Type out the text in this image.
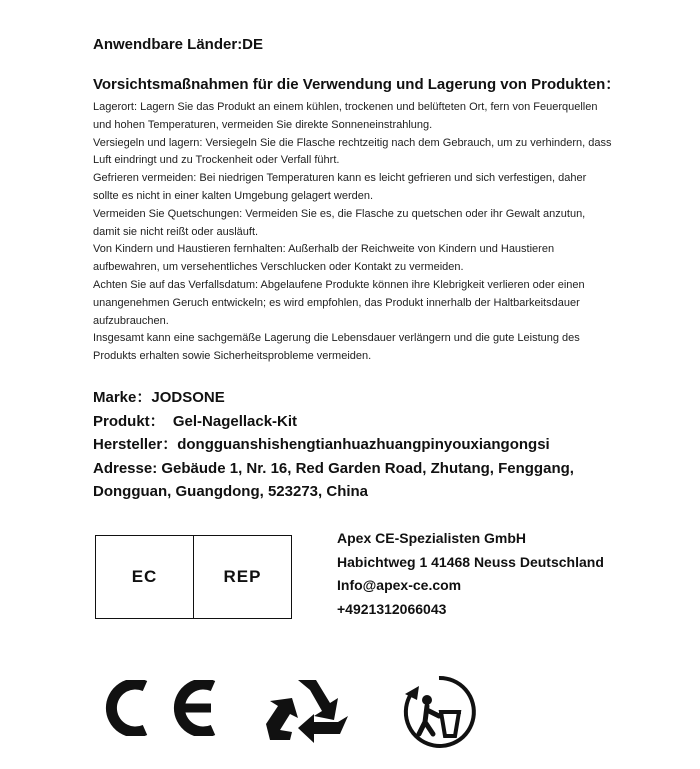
Anwendbare Länder:DE
Vorsichtsmaßnahmen für die Verwendung und Lagerung von Produkten：

Lagerort: Lagern Sie das Produkt an einem kühlen, trockenen und belüfteten Ort, fern von Feuerquellen und hohen Temperaturen, vermeiden Sie direkte Sonneneinstrahlung.

Versiegeln und lagern: Versiegeln Sie die Flasche rechtzeitig nach dem Gebrauch, um zu verhindern, dass Luft eindringt und zu Trockenheit oder Verfall führt.

Gefrieren vermeiden: Bei niedrigen Temperaturen kann es leicht gefrieren und sich verfestigen, daher sollte es nicht in einer kalten Umgebung gelagert werden.

Vermeiden Sie Quetschungen: Vermeiden Sie es, die Flasche zu quetschen oder ihr Gewalt anzutun, damit sie nicht reißt oder ausläuft.

Von Kindern und Haustieren fernhalten: Außerhalb der Reichweite von Kindern und Haustieren aufbewahren, um versehentliches Verschlucken oder Kontakt zu vermeiden.

Achten Sie auf das Verfallsdatum: Abgelaufene Produkte können ihre Klebrigkeit verlieren oder einen unangenehmen Geruch entwickeln; es wird empfohlen, das Produkt innerhalb der Haltbarkeitsdauer aufzubrauchen.

Insgesamt kann eine sachgemäße Lagerung die Lebensdauer verlängern und die gute Leistung des Produkts erhalten sowie Sicherheitsprobleme vermeiden.

Marke：JODSONE

Produkt： Gel-Nagellack-Kit

Hersteller：dongguanshishengtianhuazhuangpinyouxiangongsi

Adresse: Gebäude 1, Nr. 16, Red Garden Road, Zhutang, Fenggang, Dongguan, Guangdong, 523273, China

EC	REP

Apex CE-Spezialisten GmbH

Habichtweg 1 41468 Neuss Deutschland

Info@apex-ce.com

+4921312066043
